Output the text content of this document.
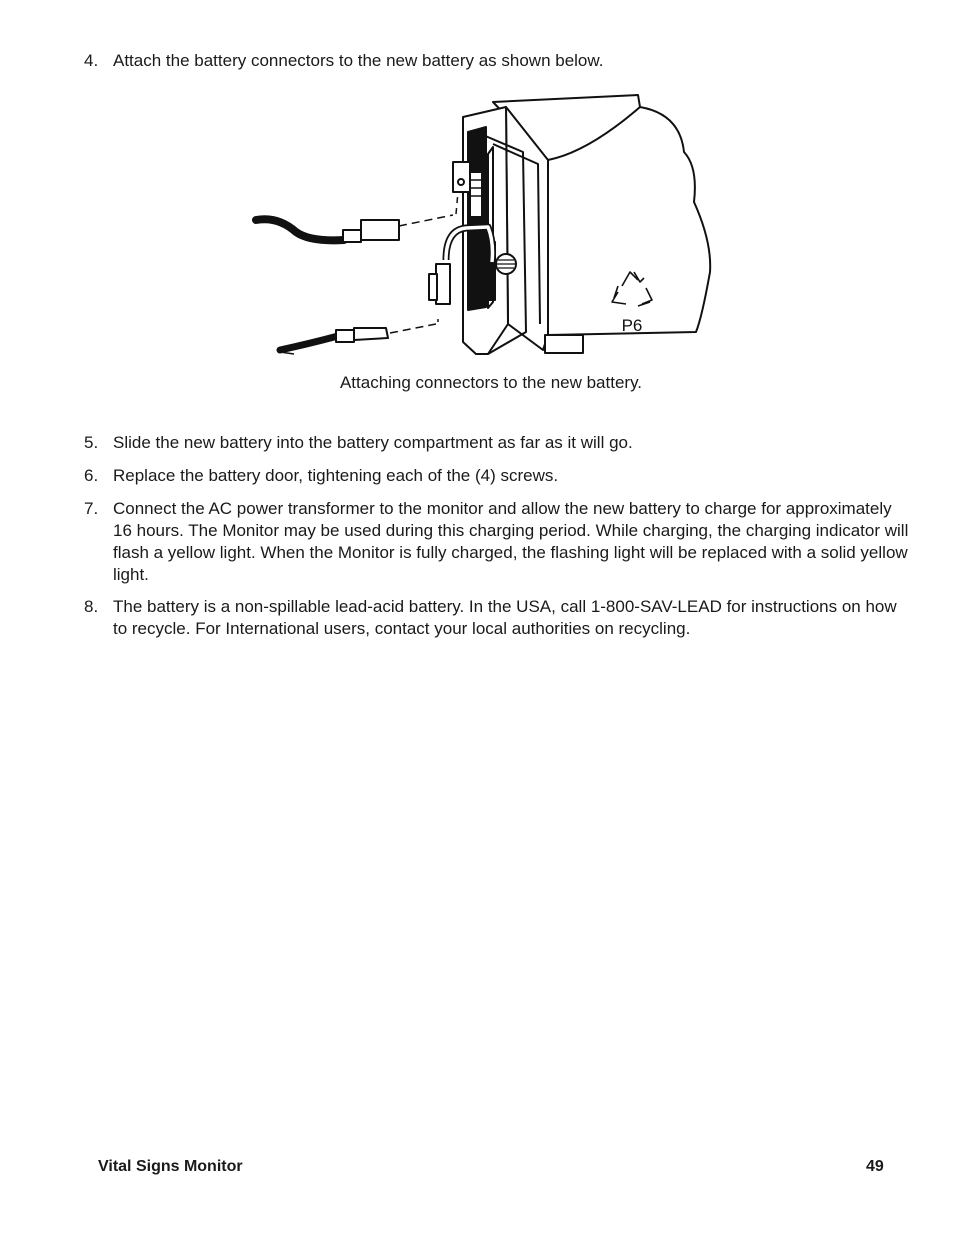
4. Attach the battery connectors to the new battery as shown below.
P6
Attaching connectors to the new battery.
5. Slide the new battery into the battery compartment as far as it will go.
6. Replace the battery door, tightening each of the (4) screws.
7. Connect the AC power transformer to the monitor and allow the new battery to charge for approximately 16 hours. The Monitor may be used during this charging period. While charging, the charging indicator will flash a yellow light. When the Monitor is fully charged, the flashing light will be replaced with a solid yellow light.
8. The battery is a non-spillable lead-acid battery. In the USA, call 1-800-SAV-LEAD for instructions on how to recycle. For International users, contact your local authorities on recycling.
Vital Signs Monitor	49
